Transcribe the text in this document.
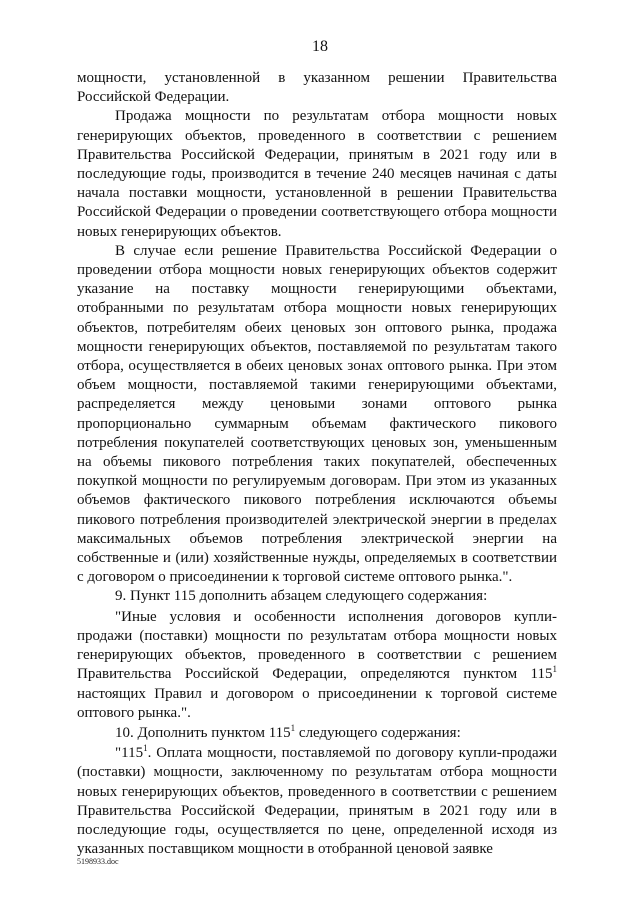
18

мощности, установленной в указанном решении Правительства Российской Федерации.

Продажа мощности по результатам отбора мощности новых генерирующих объектов, проведенного в соответствии с решением Правительства Российской Федерации, принятым в 2021 году или в последующие годы, производится в течение 240 месяцев начиная с даты начала поставки мощности, установленной в решении Правительства Российской Федерации о проведении соответствующего отбора мощности новых генерирующих объектов.

В случае если решение Правительства Российской Федерации о проведении отбора мощности новых генерирующих объектов содержит указание на поставку мощности генерирующими объектами, отобранными по результатам отбора мощности новых генерирующих объектов, потребителям обеих ценовых зон оптового рынка, продажа мощности генерирующих объектов, поставляемой по результатам такого отбора, осуществляется в обеих ценовых зонах оптового рынка. При этом объем мощности, поставляемой такими генерирующими объектами, распределяется между ценовыми зонами оптового рынка пропорционально суммарным объемам фактического пикового потребления покупателей соответствующих ценовых зон, уменьшенным на объемы пикового потребления таких покупателей, обеспеченных покупкой мощности по регулируемым договорам. При этом из указанных объемов фактического пикового потребления исключаются объемы пикового потребления производителей электрической энергии в пределах максимальных объемов потребления электрической энергии на собственные и (или) хозяйственные нужды, определяемых в соответствии с договором о присоединении к торговой системе оптового рынка.".

9. Пункт 115 дополнить абзацем следующего содержания:

"Иные условия и особенности исполнения договоров купли-продажи (поставки) мощности по результатам отбора мощности новых генерирующих объектов, проведенного в соответствии с решением Правительства Российской Федерации, определяются пунктом $115^1$ настоящих Правил и договором о присоединении к торговой системе оптового рынка.".

10. Дополнить пунктом $115^1$ следующего содержания:

"$115^1$. Оплата мощности, поставляемой по договору купли-продажи (поставки) мощности, заключенному по результатам отбора мощности новых генерирующих объектов, проведенного в соответствии с решением Правительства Российской Федерации, принятым в 2021 году или в последующие годы, осуществляется по цене, определенной исходя из указанных поставщиком мощности в отобранной ценовой заявке

5198933.doc
